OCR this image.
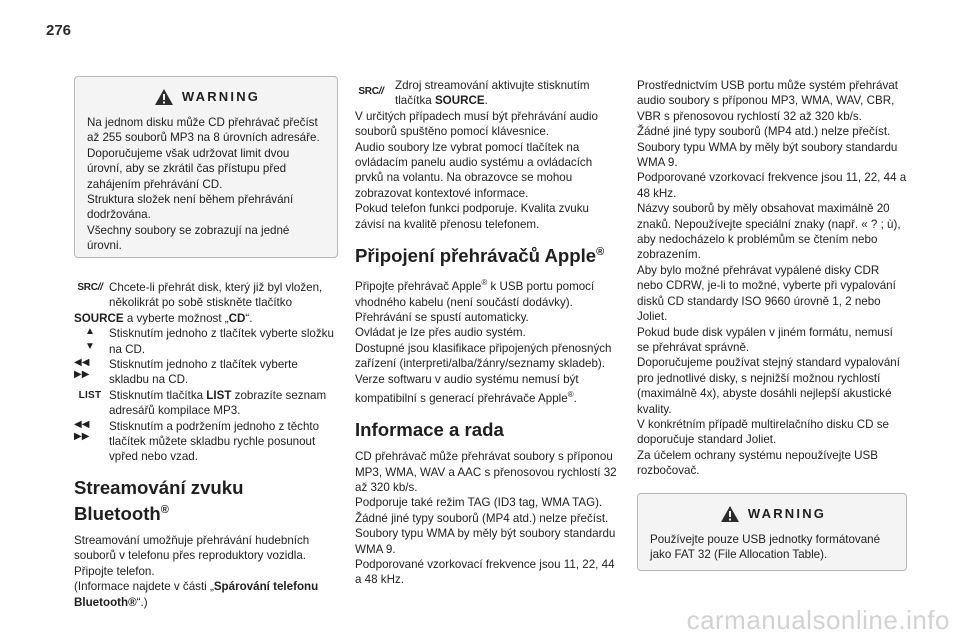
276
WARNING

Na jednom disku může CD přehrávač přečíst až 255 souborů MP3 na 8 úrovních adresáře. Doporučujeme však udržovat limit dvou úrovní, aby se zkrátil čas přístupu před zahájením přehrávání CD.
Struktura složek není během přehrávání dodržována.
Všechny soubory se zobrazují na jedné úrovni.

SRC // Chcete-li přehrát disk, který již byl vložen, několikrát po sobě stiskněte tlačítko
SOURCE a vyberte možnost „CD“.
▲
▼
Stisknutím jednoho z tlačítek vyberte složku na CD.
◀◀ ▶▶
Stisknutím jednoho z tlačítek vyberte skladbu na CD.
LIST Stisknutím tlačítka LIST zobrazíte seznam adresářů kompilace MP3.
◀◀ ▶▶
Stisknutím a podržením jednoho z těchto tlačítek můžete skladbu rychle posunout vpřed nebo vzad.
Streamování zvuku
Bluetooth®

Streamování umožňuje přehrávání hudebních souborů v telefonu přes reproduktory vozidla.
Připojte telefon.

(Informace najdete v části „Spárování telefonu Bluetooth®“.)

SRC // Zdroj streamování aktivujte stisknutím tlačítka SOURCE.

V určitých případech musí být přehrávání audio souborů spuštěno pomocí klávesnice.
Audio soubory lze vybrat pomocí tlačítek na ovládacím panelu audio systému a ovládacích prvků na volantu. Na obrazovce se mohou zobrazovat kontextové informace.
Pokud telefon funkci podporuje. Kvalita zvuku závisí na kvalitě přenosu telefonem.

Připojení přehrávačů Apple®

Připojte přehrávač Apple® k USB portu pomocí vhodného kabelu (není součástí dodávky).
Přehrávání se spustí automaticky.
Ovládat je lze přes audio systém.
Dostupné jsou klasifikace připojených přenosných zařízení (interpreti/alba/žánry/seznamy skladeb).
Verze softwaru v audio systému nemusí být kompatibilní s generací přehrávače Apple®.

Informace a rada

CD přehrávač může přehrávat soubory s příponou MP3, WMA, WAV a AAC s přenosovou rychlostí 32 až 320 kb/s.
Podporuje také režim TAG (ID3 tag, WMA TAG).
Žádné jiné typy souborů (MP4 atd.) nelze přečíst.
Soubory typu WMA by měly být soubory standardu WMA 9.
Podporované vzorkovací frekvence jsou 11, 22, 44 a 48 kHz.

Prostřednictvím USB portu může systém přehrávat audio soubory s příponou MP3, WMA, WAV, CBR, VBR s přenosovou rychlostí 32 až 320 kb/s.
Žádné jiné typy souborů (MP4 atd.) nelze přečíst.
Soubory typu WMA by měly být soubory standardu WMA 9.
Podporované vzorkovací frekvence jsou 11, 22, 44 a 48 kHz.
Názvy souborů by měly obsahovat maximálně 20 znaků. Nepoužívejte speciální znaky (např. « ? ; ù), aby nedocházelo k problémům se čtením nebo zobrazením.
Aby bylo možné přehrávat vypálené disky CDR nebo CDRW, je-li to možné, vyberte při vypalování disků CD standardy ISO 9660 úrovně 1, 2 nebo Joliet.
Pokud bude disk vypálen v jiném formátu, nemusí se přehrávat správně.
Doporučujeme používat stejný standard vypalování pro jednotlivé disky, s nejnižší možnou rychlostí (maximálně 4x), abyste dosáhli nejlepší akustické kvality.
V konkrétním případě multirelačního disku CD se doporučuje standard Joliet.
Za účelem ochrany systému nepoužívejte USB rozbočovač.

WARNING

Používejte pouze USB jednotky formátované jako FAT 32 (File Allocation Table).

carmanualsonline.info
